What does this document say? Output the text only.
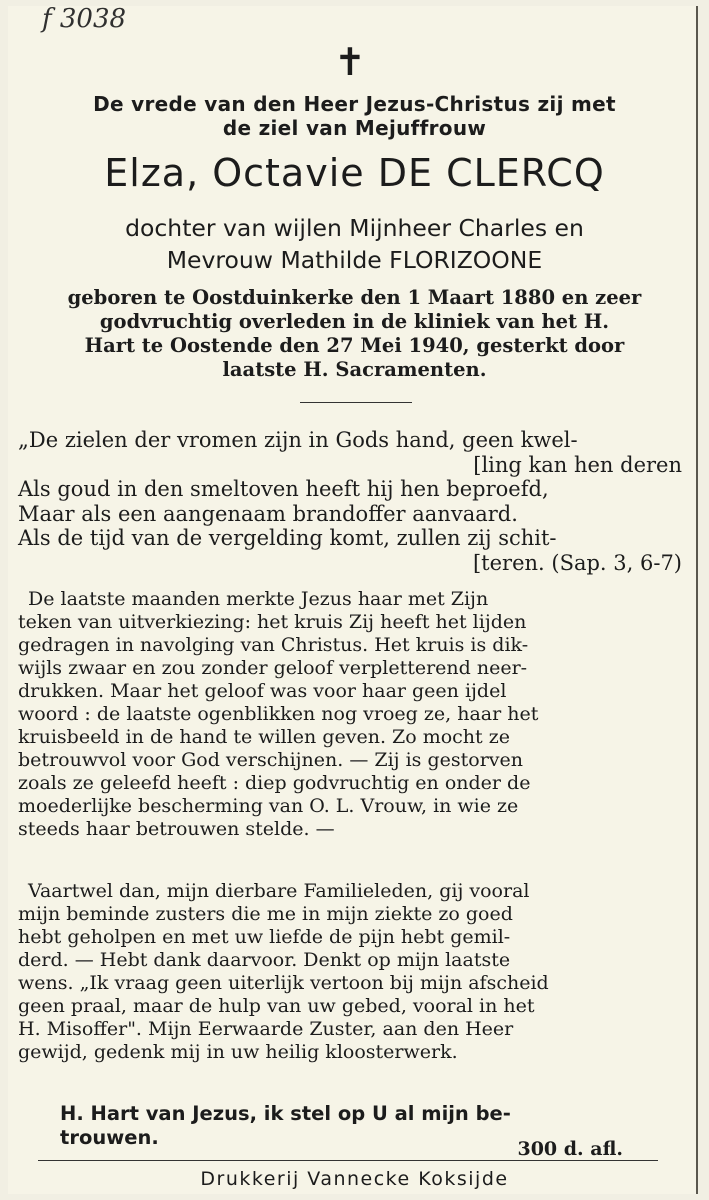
f 3038
✝
De vrede van den Heer Jezus-Christus zij met
de ziel van Mejuffrouw
Elza, Octavie DE CLERCQ
dochter van wijlen Mijnheer Charles en
Mevrouw Mathilde FLORIZOONE
geboren te Oostduinkerke den 1 Maart 1880 en zeer
godvruchtig overleden in de kliniek van het H.
Hart te Oostende den 27 Mei 1940, gesterkt door
laatste H. Sacramenten.
„De zielen der vromen zijn in Gods hand, geen kwel-
[ling kan hen deren
Als goud in den smeltoven heeft hij hen beproefd,
Maar als een aangenaam brandoffer aanvaard.
Als de tijd van de vergelding komt, zullen zij schit-
[teren. (Sap. 3, 6-7)
De laatste maanden merkte Jezus haar met Zijn
teken van uitverkiezing: het kruis Zij heeft het lijden
gedragen in navolging van Christus. Het kruis is dik-
wijls zwaar en zou zonder geloof verpletterend neer-
drukken. Maar het geloof was voor haar geen ijdel
woord : de laatste ogenblikken nog vroeg ze, haar het
kruisbeeld in de hand te willen geven. Zo mocht ze
betrouwvol voor God verschijnen. — Zij is gestorven
zoals ze geleefd heeft : diep godvruchtig en onder de
moederlijke bescherming van O. L. Vrouw, in wie ze
steeds haar betrouwen stelde. —
Vaartwel dan, mijn dierbare Familieleden, gij vooral
mijn beminde zusters die me in mijn ziekte zo goed
hebt geholpen en met uw liefde de pijn hebt gemil-
derd. — Hebt dank daarvoor. Denkt op mijn laatste
wens. „Ik vraag geen uiterlijk vertoon bij mijn afscheid
geen praal, maar de hulp van uw gebed, vooral in het
H. Misoffer". Mijn Eerwaarde Zuster, aan den Heer
gewijd, gedenk mij in uw heilig kloosterwerk.
H. Hart van Jezus, ik stel op U al mijn be-
trouwen.	300 d. afl.
Drukkerij Vannecke Koksijde
